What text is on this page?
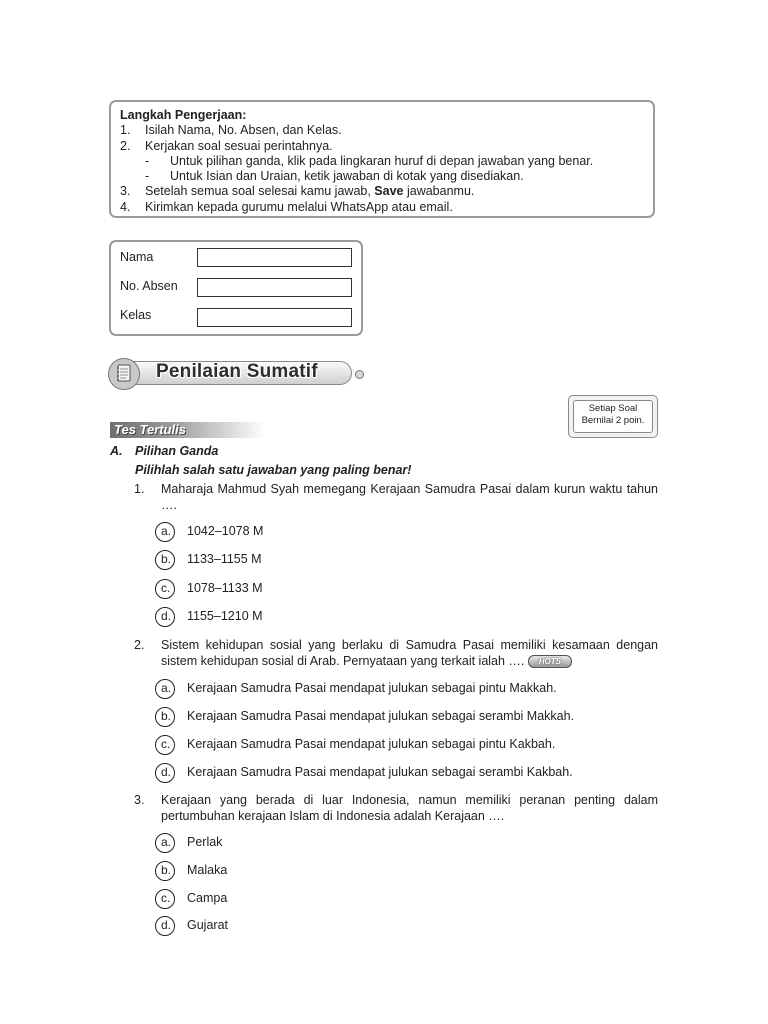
Langkah Pengerjaan:
1.	Isilah Nama, No. Absen, dan Kelas.
2.	Kerjakan soal sesuai perintahnya.
-	Untuk pilihan ganda, klik pada lingkaran huruf di depan jawaban yang benar.
-	Untuk Isian dan Uraian, ketik jawaban di kotak yang disediakan.
3.	Setelah semua soal selesai kamu jawab, Save jawabanmu.
4.	Kirimkan kepada gurumu melalui WhatsApp atau email.
Nama
No. Absen
Kelas
Penilaian Sumatif
Setiap Soal
Bernilai 2 poin.
Tes Tertulis
A. Pilihan Ganda
Pilihlah salah satu jawaban yang paling benar!
1. Maharaja Mahmud Syah memegang Kerajaan Samudra Pasai dalam kurun waktu tahun ….
a. 1042–1078 M
b. 1133–1155 M
c. 1078–1133 M
d. 1155–1210 M
2. Sistem kehidupan sosial yang berlaku di Samudra Pasai memiliki kesamaan dengan sistem kehidupan sosial di Arab. Pernyataan yang terkait ialah …. HOTS
a. Kerajaan Samudra Pasai mendapat julukan sebagai pintu Makkah.
b. Kerajaan Samudra Pasai mendapat julukan sebagai serambi Makkah.
c. Kerajaan Samudra Pasai mendapat julukan sebagai pintu Kakbah.
d. Kerajaan Samudra Pasai mendapat julukan sebagai serambi Kakbah.
3. Kerajaan yang berada di luar Indonesia, namun memiliki peranan penting dalam pertumbuhan kerajaan Islam di Indonesia adalah Kerajaan ….
a. Perlak
b. Malaka
c. Campa
d. Gujarat
